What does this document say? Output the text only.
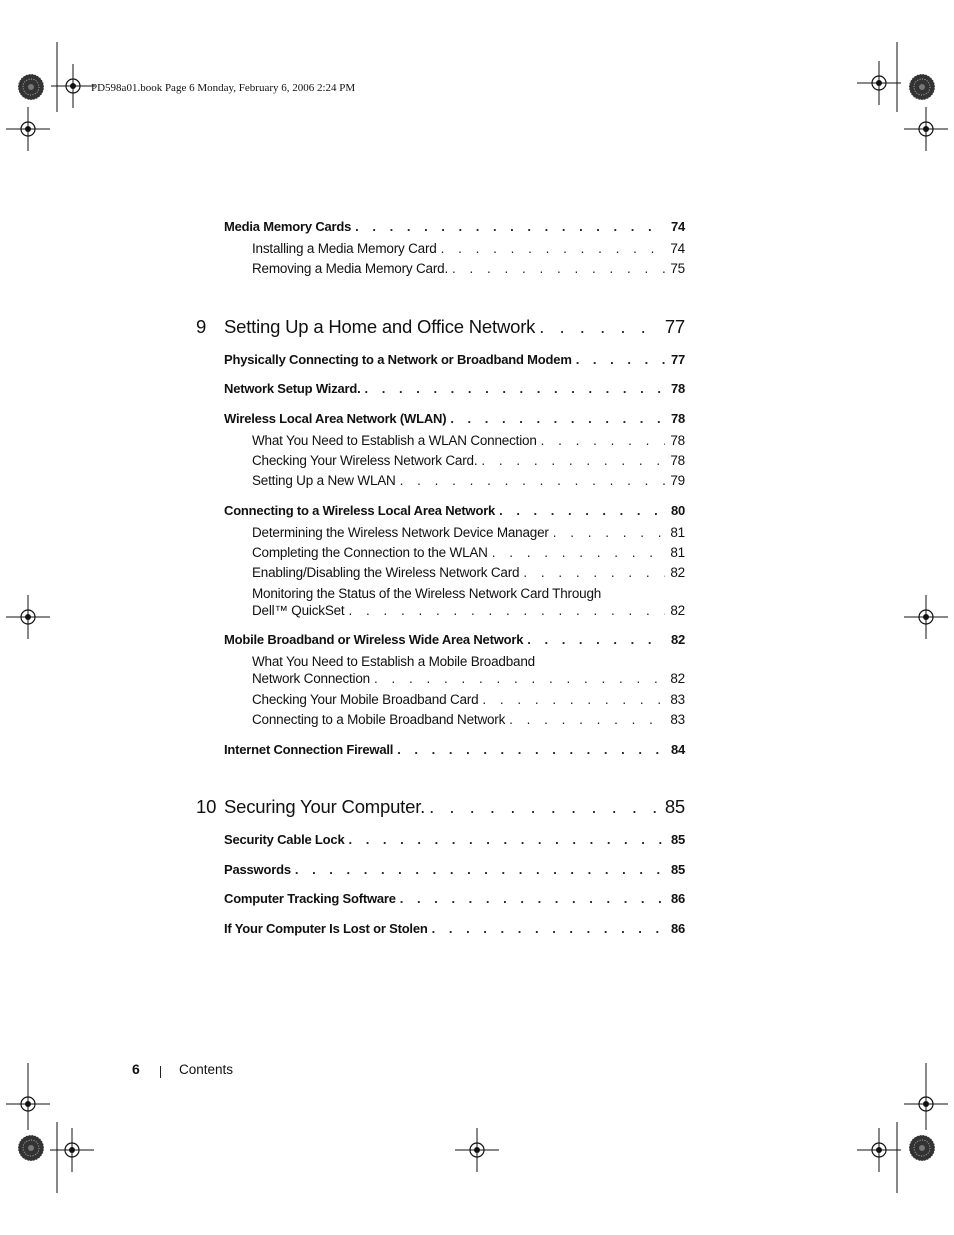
PD598a01.book Page 6 Monday, February 6, 2006 2:24 PM
Media Memory Cards . . .	74
Installing a Media Memory Card . . .	74
Removing a Media Memory Card. . . .	75
9 Setting Up a Home and Office Network . . .	77
Physically Connecting to a Network or Broadband Modem . . .	77
Network Setup Wizard. . . .	78
Wireless Local Area Network (WLAN) . . .	78
What You Need to Establish a WLAN Connection . . .	78
Checking Your Wireless Network Card. . . .	78
Setting Up a New WLAN . . .	79
Connecting to a Wireless Local Area Network . . .	80
Determining the Wireless Network Device Manager . . .	81
Completing the Connection to the WLAN . . .	81
Enabling/Disabling the Wireless Network Card . . .	82
Monitoring the Status of the Wireless Network Card Through
Dell™ QuickSet . . .	82
Mobile Broadband or Wireless Wide Area Network . . .	82
What You Need to Establish a Mobile Broadband
Network Connection . . .	82
Checking Your Mobile Broadband Card . . .	83
Connecting to a Mobile Broadband Network . . .	83
Internet Connection Firewall . . .	84
10 Securing Your Computer. . . .	85
Security Cable Lock . . .	85
Passwords . . .	85
Computer Tracking Software . . .	86
If Your Computer Is Lost or Stolen . . .	86
6	Contents
